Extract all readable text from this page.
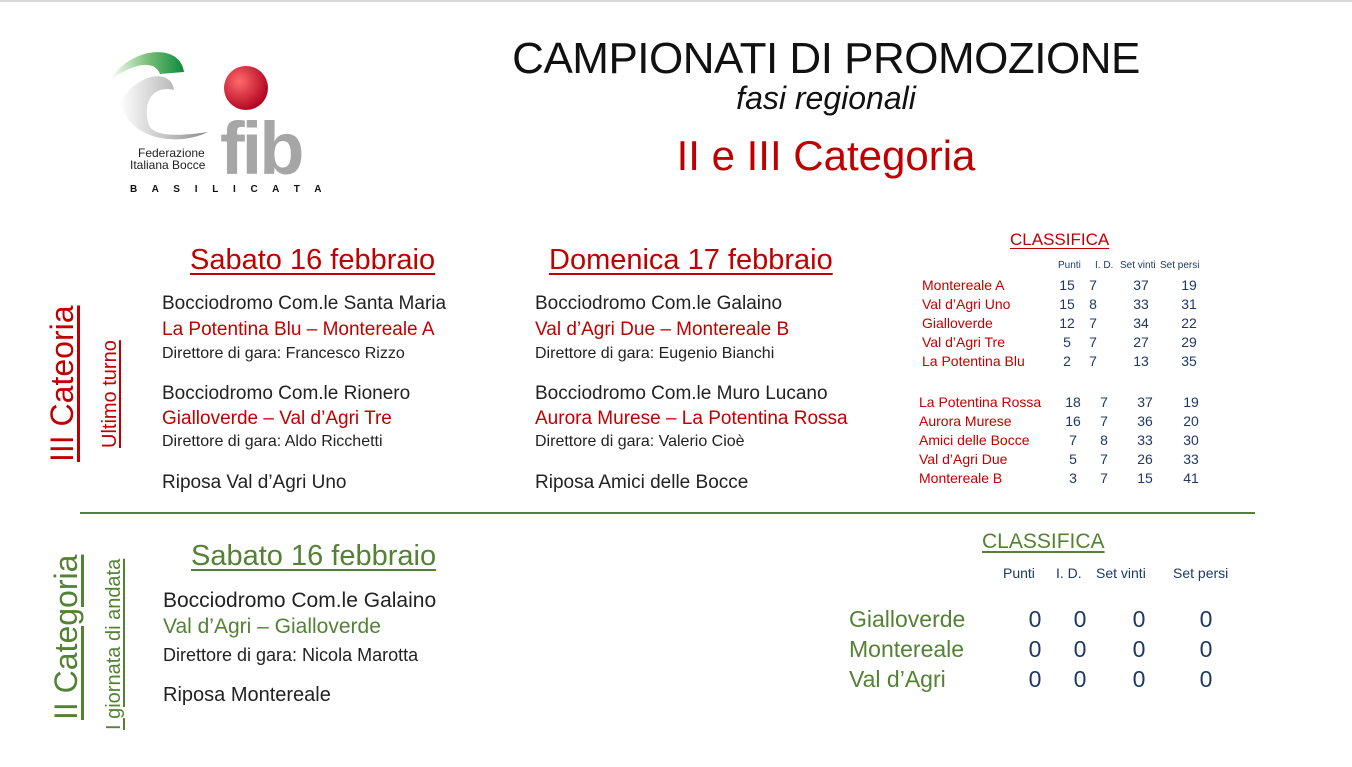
fib
Federazione
Italiana Bocce
B A S I L I C A T A
CAMPIONATI DI PROMOZIONE
fasi regionali
II e III Categoria
III Cateoria Ultimo turno
Sabato 16 febbraio
Bocciodromo Com.le Santa Maria
La Potentina Blu – Montereale A
Direttore di gara: Francesco Rizzo
Bocciodromo Com.le Rionero
Gialloverde – Val d’Agri Tre
Direttore di gara: Aldo Ricchetti
Riposa Val d’Agri Uno
Domenica 17 febbraio
Bocciodromo Com.le Galaino
Val d’Agri Due – Montereale B
Direttore di gara: Eugenio Bianchi
Bocciodromo Com.le Muro Lucano
Aurora Murese – La Potentina Rossa
Direttore di gara: Valerio Cioè
Riposa Amici delle Bocce
CLASSIFICA
Punti I. D. Set vinti Set persi
Montereale A	15	7	37	19
Val d’Agri Uno	15	8	33	31
Gialloverde	12	7	34	22
Val d’Agri Tre	5	7	27	29
La Potentina Blu	2	7	13	35
La Potentina Rossa	18	7	37	19
Aurora Murese	16	7	36	20
Amici delle Bocce	7	8	33	30
Val d’Agri Due	5	7	26	33
Montereale B	3	7	15	41
II Categoria I giornata di andata
Sabato 16 febbraio
Bocciodromo Com.le Galaino
Val d’Agri – Gialloverde
Direttore di gara: Nicola Marotta
Riposa Montereale
CLASSIFICA
Punti I. D. Set vinti Set persi
Gialloverde	0	0	0	0
Montereale	0	0	0	0
Val d’Agri	0	0	0	0
